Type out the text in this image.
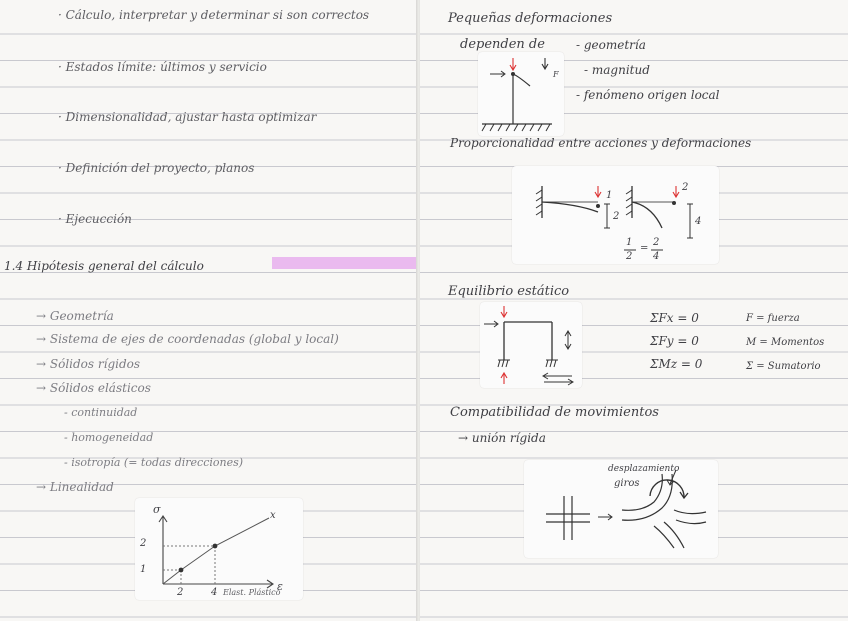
· Cálculo, interpretar y determinar si son correctos
· Estados límite: últimos y servicio
· Dimensionalidad, ajustar hasta optimizar
· Definición del proyecto, planos
· Ejecucción
1.4 Hipótesis general del cálculo
→ Geometría
→ Sistema de ejes de coordenadas (global y local)
→ Sólidos rígidos
→ Sólidos elásticos
- continuidad
- homogeneidad
- isotropía (= todas direcciones)
→ Linealidad
σ
ε
2
1
2	4
x
Elast. Plástico
Pequeñas deformaciones
dependen de	- geometría
- magnitud
- fenómeno origen local
F
Proporcionalidad entre acciones y deformaciones
1
2
2
4
1
2
=
2
4
Equilibrio estático
ΣFx = 0
ΣFy = 0
ΣMz = 0
F = fuerza
M = Momentos
Σ = Sumatorio
Compatibilidad de movimientos
→ unión rígida
desplazamiento
giros
